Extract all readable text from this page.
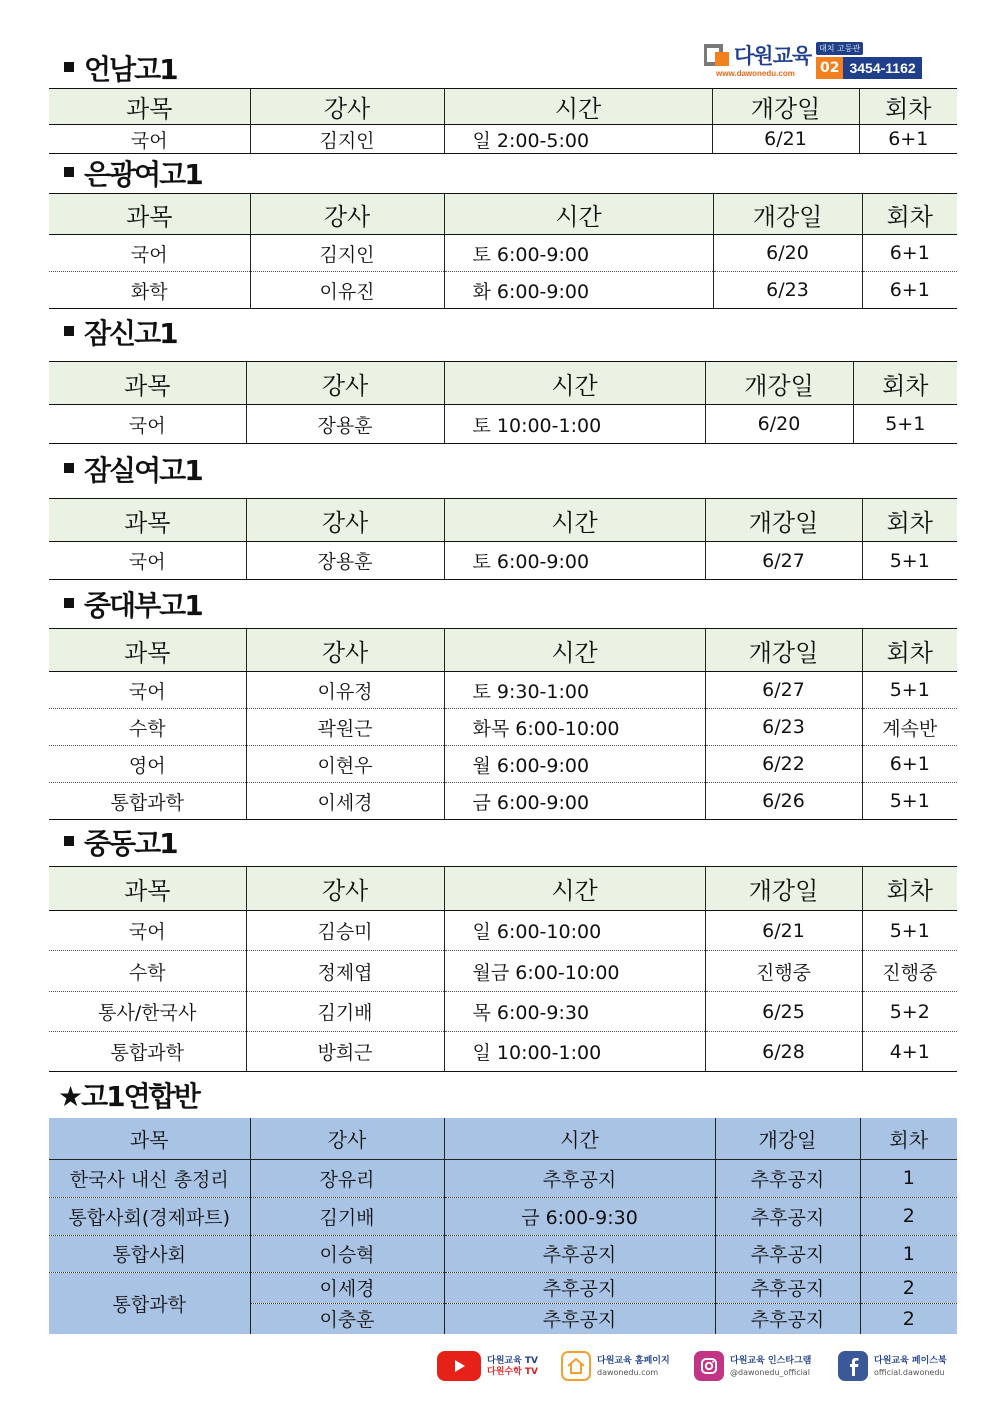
다원교육
www.dawonedu.com
대치 고등관
02 3454-1162
언남고1
과목	강사	시간	개강일	회차
국어	김지인	일 2:00-5:00	6/21	6+1
은광여고1
과목	강사	시간	개강일	회차
국어	김지인	토 6:00-9:00	6/20	6+1
화학	이유진	화 6:00-9:00	6/23	6+1
잠신고1
과목	강사	시간	개강일	회차
국어	장용훈	토 10:00-1:00	6/20	5+1
잠실여고1
과목	강사	시간	개강일	회차
국어	장용훈	토 6:00-9:00	6/27	5+1
중대부고1
과목	강사	시간	개강일	회차
국어	이유정	토 9:30-1:00	6/27	5+1
수학	곽원근	화목 6:00-10:00	6/23	계속반
영어	이현우	월 6:00-9:00	6/22	6+1
통합과학	이세경	금 6:00-9:00	6/26	5+1
중동고1
과목	강사	시간	개강일	회차
국어	김승미	일 6:00-10:00	6/21	5+1
수학	정제엽	월금 6:00-10:00	진행중	진행중
통사/한국사	김기배	목 6:00-9:30	6/25	5+2
통합과학	방희근	일 10:00-1:00	6/28	4+1
★고1연합반
과목	강사	시간	개강일	회차
한국사 내신 총정리	장유리	추후공지	추후공지	1
통합사회(경제파트)	김기배	금 6:00-9:30	추후공지	2
통합사회	이승혁	추후공지	추후공지	1
통합과학	이세경	추후공지	추후공지	2
	이충훈	추후공지	추후공지	2
다원교육 TV
다원수학 TV
다원교육 홈페이지
dawonedu.com
다원교육 인스타그램
@dawonedu_official
다원교육 페이스북
official.dawonedu
